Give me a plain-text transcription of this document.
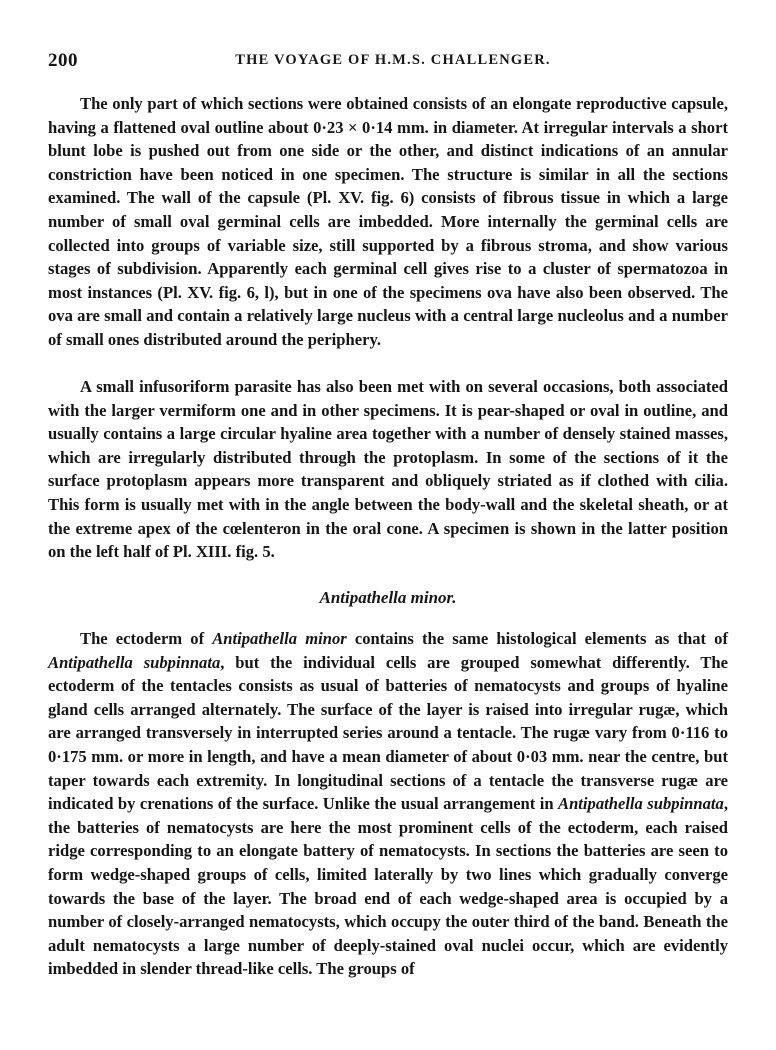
200	THE VOYAGE OF H.M.S. CHALLENGER.

The only part of which sections were obtained consists of an elongate reproductive capsule, having a flattened oval outline about 0·23 × 0·14 mm. in diameter. At irregular intervals a short blunt lobe is pushed out from one side or the other, and distinct indications of an annular constriction have been noticed in one specimen. The structure is similar in all the sections examined. The wall of the capsule (Pl. XV. fig. 6) consists of fibrous tissue in which a large number of small oval germinal cells are imbedded. More internally the germinal cells are collected into groups of variable size, still supported by a fibrous stroma, and show various stages of subdivision. Apparently each germinal cell gives rise to a cluster of spermatozoa in most instances (Pl. XV. fig. 6, l), but in one of the specimens ova have also been observed. The ova are small and contain a relatively large nucleus with a central large nucleolus and a number of small ones distributed around the periphery.

A small infusoriform parasite has also been met with on several occasions, both associated with the larger vermiform one and in other specimens. It is pear-shaped or oval in outline, and usually contains a large circular hyaline area together with a number of densely stained masses, which are irregularly distributed through the protoplasm. In some of the sections of it the surface protoplasm appears more transparent and obliquely striated as if clothed with cilia. This form is usually met with in the angle between the body-wall and the skeletal sheath, or at the extreme apex of the cœlenteron in the oral cone. A specimen is shown in the latter position on the left half of Pl. XIII. fig. 5.

Antipathella minor.

The ectoderm of Antipathella minor contains the same histological elements as that of Antipathella subpinnata, but the individual cells are grouped somewhat differently. The ectoderm of the tentacles consists as usual of batteries of nematocysts and groups of hyaline gland cells arranged alternately. The surface of the layer is raised into irregular rugæ, which are arranged transversely in interrupted series around a tentacle. The rugæ vary from 0·116 to 0·175 mm. or more in length, and have a mean diameter of about 0·03 mm. near the centre, but taper towards each extremity. In longitudinal sections of a tentacle the transverse rugæ are indicated by crenations of the surface. Unlike the usual arrangement in Antipathella subpinnata, the batteries of nematocysts are here the most prominent cells of the ectoderm, each raised ridge corresponding to an elongate battery of nematocysts. In sections the batteries are seen to form wedge-shaped groups of cells, limited laterally by two lines which gradually converge towards the base of the layer. The broad end of each wedge-shaped area is occupied by a number of closely-arranged nematocysts, which occupy the outer third of the band. Beneath the adult nematocysts a large number of deeply-stained oval nuclei occur, which are evidently imbedded in slender thread-like cells. The groups of
